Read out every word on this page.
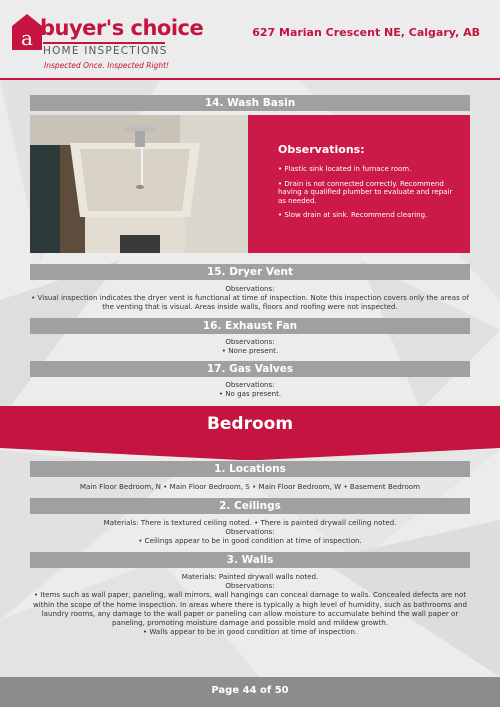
a buyer's choice
HOME INSPECTIONS
Inspected Once. Inspected Right!
627 Marian Crescent NE, Calgary, AB
14. Wash Basin
Observations:

• Plastic sink located in furnace room.

• Drain is not connected correctly. Recommend having a qualified plumber to evaluate and repair as needed.

• Slow drain at sink. Recommend clearing.

15. Dryer Vent
Observations:
• Visual inspection indicates the dryer vent is functional at time of inspection. Note this inspection covers only the areas of the venting that is visual. Areas inside walls, floors and roofing were not inspected.
16. Exhaust Fan
Observations:
• None present.
17. Gas Valves
Observations:
• No gas present.
Bedroom
1. Locations
Main Floor Bedroom, N • Main Floor Bedroom, S • Main Floor Bedroom, W • Basement Bedroom
2. Ceilings
Materials: There is textured ceiling noted. • There is painted drywall ceiling noted.
Observations:
• Ceilings appear to be in good condition at time of inspection.
3. Walls
Materials: Painted drywall walls noted.
Observations:
• Items such as wall paper, paneling, wall mirrors, wall hangings can conceal damage to walls. Concealed defects are not within the scope of the home inspection. In areas where there is typically a high level of humidity, such as bathrooms and laundry rooms, any damage to the wall paper or paneling can allow moisture to accumulate behind the wall paper or paneling, promoting moisture damage and possible mold and mildew growth.
• Walls appear to be in good condition at time of inspection.
Page 44 of 50
